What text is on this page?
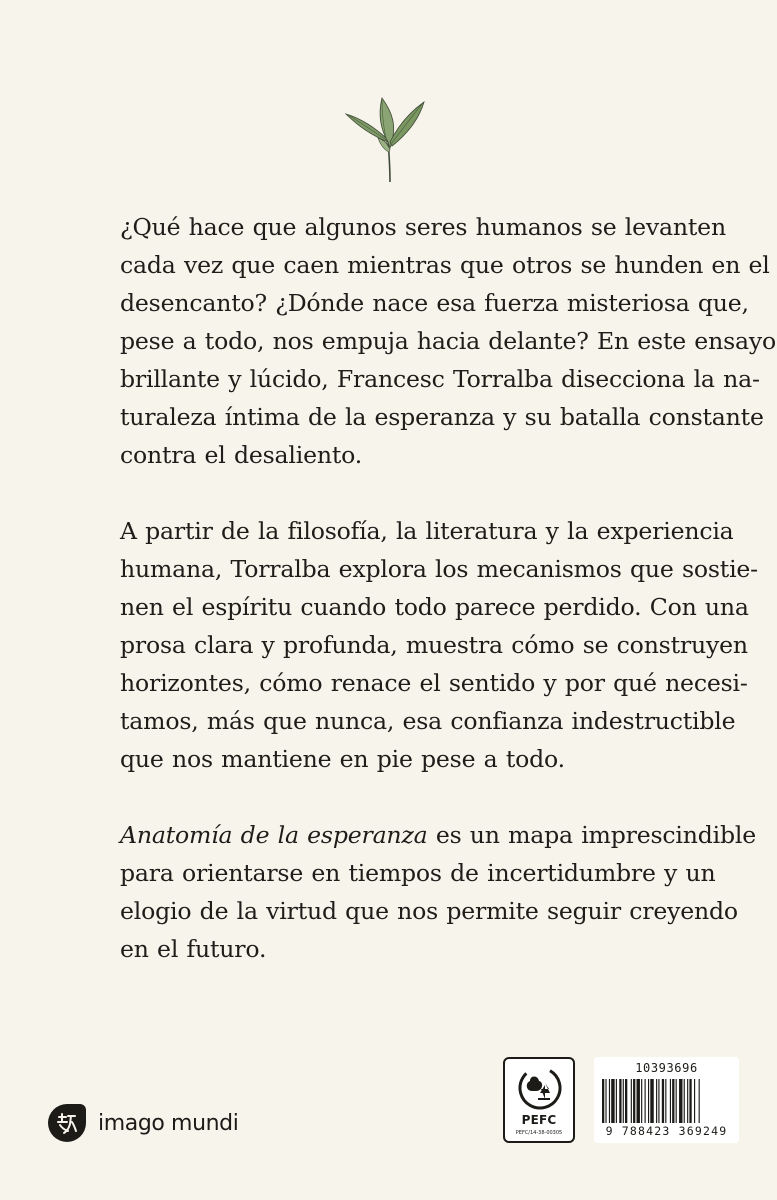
¿Qué hace que algunos seres humanos se levanten
cada vez que caen mientras que otros se hunden en el
desencanto? ¿Dónde nace esa fuerza misteriosa que,
pese a todo, nos empuja hacia delante? En este ensayo
brillante y lúcido, Francesc Torralba disecciona la na-
turaleza íntima de la esperanza y su batalla constante
contra el desaliento.

A partir de la filosofía, la literatura y la experiencia
humana, Torralba explora los mecanismos que sostie-
nen el espíritu cuando todo parece perdido. Con una
prosa clara y profunda, muestra cómo se construyen
horizontes, cómo renace el sentido y por qué necesi-
tamos, más que nunca, esa confianza indestructible
que nos mantiene en pie pese a todo.

Anatomía de la esperanza es un mapa imprescindible
para orientarse en tiempos de incertidumbre y un
elogio de la virtud que nos permite seguir creyendo
en el futuro.

imago mundi	PEFC
PEFC/14-38-00305
10393696
9 788423 369249
